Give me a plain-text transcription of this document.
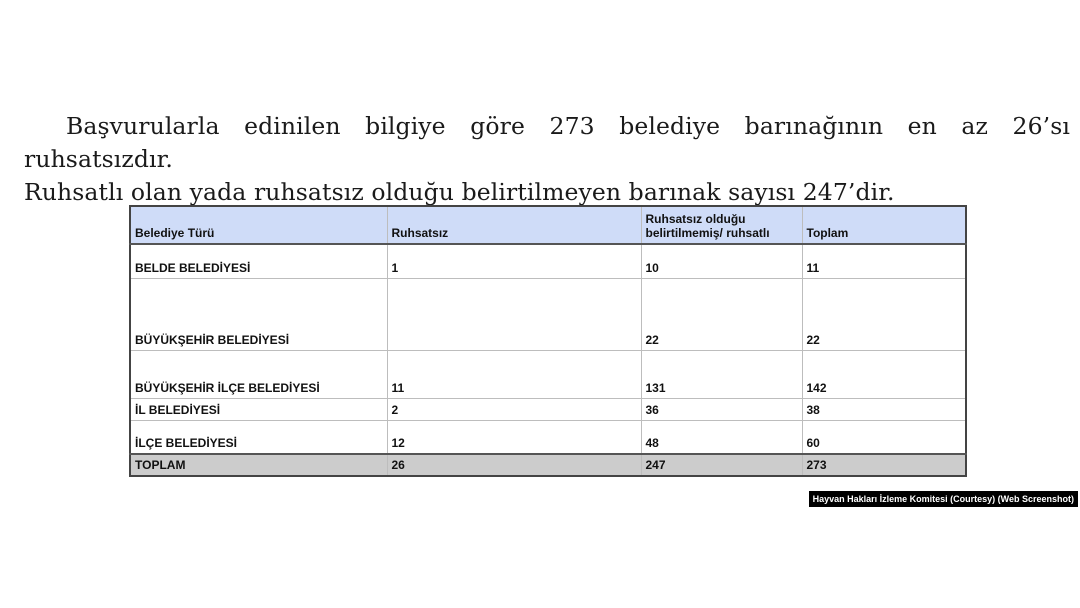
Başvurularla edinilen bilgiye göre 273 belediye barınağının en az 26’sı ruhsatsızdır.
Ruhsatlı olan yada ruhsatsız olduğu belirtilmeyen barınak sayısı 247’dir.
Belediye Türü	Ruhsatsız	Ruhsatsız olduğu belirtilmemiş/ ruhsatlı	Toplam
BELDE BELEDİYESİ	1	10	11
BÜYÜKŞEHİR BELEDİYESİ		22	22
BÜYÜKŞEHİR İLÇE BELEDİYESİ	11	131	142
İL BELEDİYESİ	2	36	38
İLÇE BELEDİYESİ	12	48	60
TOPLAM	26	247	273
Hayvan Hakları İzleme Komitesi (Courtesy) (Web Screenshot)
